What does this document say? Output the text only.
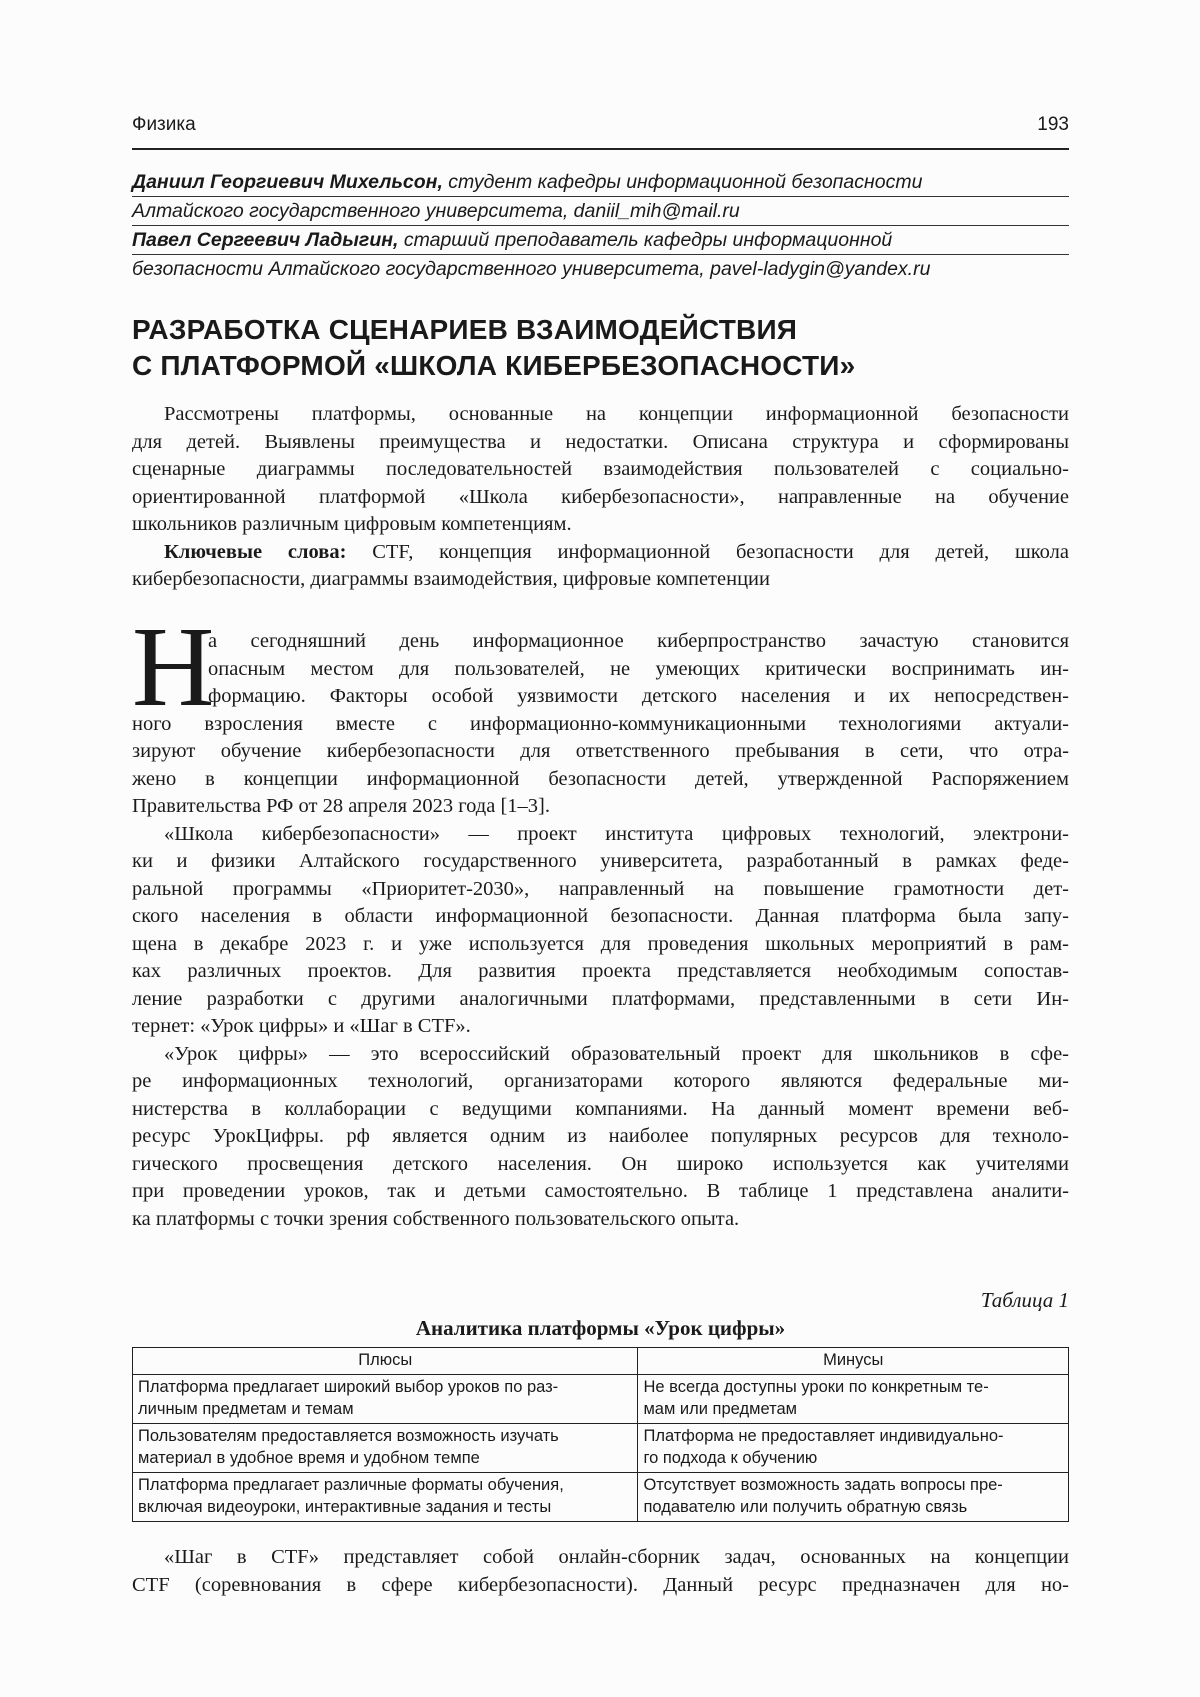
Физика	193
Даниил Георгиевич Михельсон, студент кафедры информационной безопасности
Алтайского государственного университета, daniil_mih@mail.ru
Павел Сергеевич Ладыгин, старший преподаватель кафедры информационной
безопасности Алтайского государственного университета, pavel-ladygin@yandex.ru
РАЗРАБОТКА СЦЕНАРИЕВ ВЗАИМОДЕЙСТВИЯ
С ПЛАТФОРМОЙ «ШКОЛА КИБЕРБЕЗОПАСНОСТИ»
Рассмотрены платформы, основанные на концепции информационной безопасности
для детей. Выявлены преимущества и недостатки. Описана структура и сформированы
сценарные диаграммы последовательностей взаимодействия пользователей с социально-
ориентированной платформой «Школа кибербезопасности», направленные на обучение
школьников различным цифровым компетенциям.
Ключевые слова: CTF, концепция информационной безопасности для детей, школа
кибербезопасности, диаграммы взаимодействия, цифровые компетенции
Н
а сегодняшний день информационное киберпространство зачастую становится
опасным местом для пользователей, не умеющих критически воспринимать ин-
формацию. Факторы особой уязвимости детского населения и их непосредствен-
ного взросления вместе с информационно-коммуникационными технологиями актуали-
зируют обучение кибербезопасности для ответственного пребывания в сети, что отра-
жено в концепции информационной безопасности детей, утвержденной Распоряжением
Правительства РФ от 28 апреля 2023 года [1–3].
«Школа кибербезопасности» — проект института цифровых технологий, электрони-
ки и физики Алтайского государственного университета, разработанный в рамках феде-
ральной программы «Приоритет-2030», направленный на повышение грамотности дет-
ского населения в области информационной безопасности. Данная платформа была запу-
щена в декабре 2023 г. и уже используется для проведения школьных мероприятий в рам-
ках различных проектов. Для развития проекта представляется необходимым сопостав-
ление разработки с другими аналогичными платформами, представленными в сети Ин-
тернет: «Урок цифры» и «Шаг в CTF».
«Урок цифры» — это всероссийский образовательный проект для школьников в сфе-
ре информационных технологий, организаторами которого являются федеральные ми-
нистерства в коллаборации с ведущими компаниями. На данный момент времени веб-
ресурс УрокЦифры. рф является одним из наиболее популярных ресурсов для техноло-
гического просвещения детского населения. Он широко используется как учителями
при проведении уроков, так и детьми самостоятельно. В таблице 1 представлена аналити-
ка платформы с точки зрения собственного пользовательского опыта.
Таблица 1
Аналитика платформы «Урок цифры»
Плюсы	Минусы

Платформа предлагает широкий выбор уроков по раз-
личным предметам и темам	Не всегда доступны уроки по конкретным те-
мам или предметам

Пользователям предоставляется возможность изучать
материал в удобное время и удобном темпе	Платформа не предоставляет индивидуально-
го подхода к обучению

Платформа предлагает различные форматы обучения,
включая видеоуроки, интерактивные задания и тесты	Отсутствует возможность задать вопросы пре-
подавателю или получить обратную связь
«Шаг в CTF» представляет собой онлайн-сборник задач, основанных на концепции
CTF (соревнования в сфере кибербезопасности). Данный ресурс предназначен для но-
